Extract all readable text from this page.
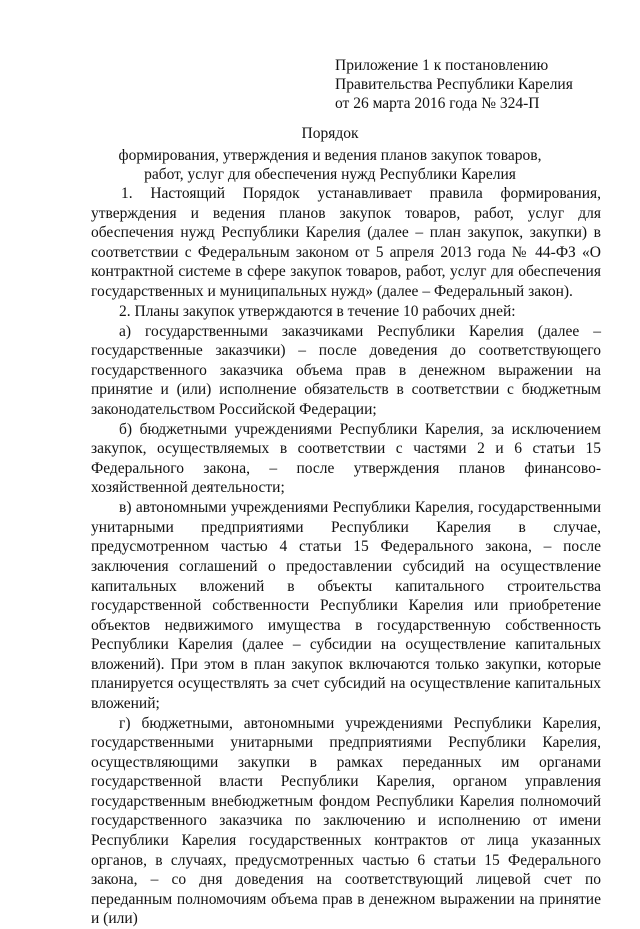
Приложение 1 к постановлению
Правительства Республики Карелия
от 26 марта 2016 года № 324-П
Порядок
формирования, утверждения и ведения планов закупок товаров,
работ, услуг для обеспечения нужд Республики Карелия

1. Настоящий Порядок устанавливает правила формирования, утверждения и ведения планов закупок товаров, работ, услуг для обеспечения нужд Республики Карелия (далее – план закупок, закупки) в соответствии с Федеральным законом от 5 апреля 2013 года № 44-ФЗ «О контрактной системе в сфере закупок товаров, работ, услуг для обеспечения государственных и муниципальных нужд» (далее – Федеральный закон).

2. Планы закупок утверждаются в течение 10 рабочих дней:

а) государственными заказчиками Республики Карелия (далее – государственные заказчики) – после доведения до соответствующего государственного заказчика объема прав в денежном выражении на принятие и (или) исполнение обязательств в соответствии с бюджетным законодательством Российской Федерации;

б) бюджетными учреждениями Республики Карелия, за исключением закупок, осуществляемых в соответствии с частями 2 и 6 статьи 15 Федерального закона, – после утверждения планов финансово-хозяйственной деятельности;

в) автономными учреждениями Республики Карелия, государственными унитарными предприятиями Республики Карелия в случае, предусмотренном частью 4 статьи 15 Федерального закона, – после заключения соглашений о предоставлении субсидий на осуществление капитальных вложений в объекты капитального строительства государственной собственности Республики Карелия или приобретение объектов недвижимого имущества в государственную собственность Республики Карелия (далее – субсидии на осуществление капитальных вложений). При этом в план закупок включаются только закупки, которые планируется осуществлять за счет субсидий на осуществление капитальных вложений;

г) бюджетными, автономными учреждениями Республики Карелия, государственными унитарными предприятиями Республики Карелия, осуществляющими закупки в рамках переданных им органами государственной власти Республики Карелия, органом управления государственным внебюджетным фондом Республики Карелия полномочий государственного заказчика по заключению и исполнению от имени Республики Карелия государственных контрактов от лица указанных органов, в случаях, предусмотренных частью 6 статьи 15 Федерального закона, – со дня доведения на соответствующий лицевой счет по переданным полномочиям объема прав в денежном выражении на принятие и (или)
